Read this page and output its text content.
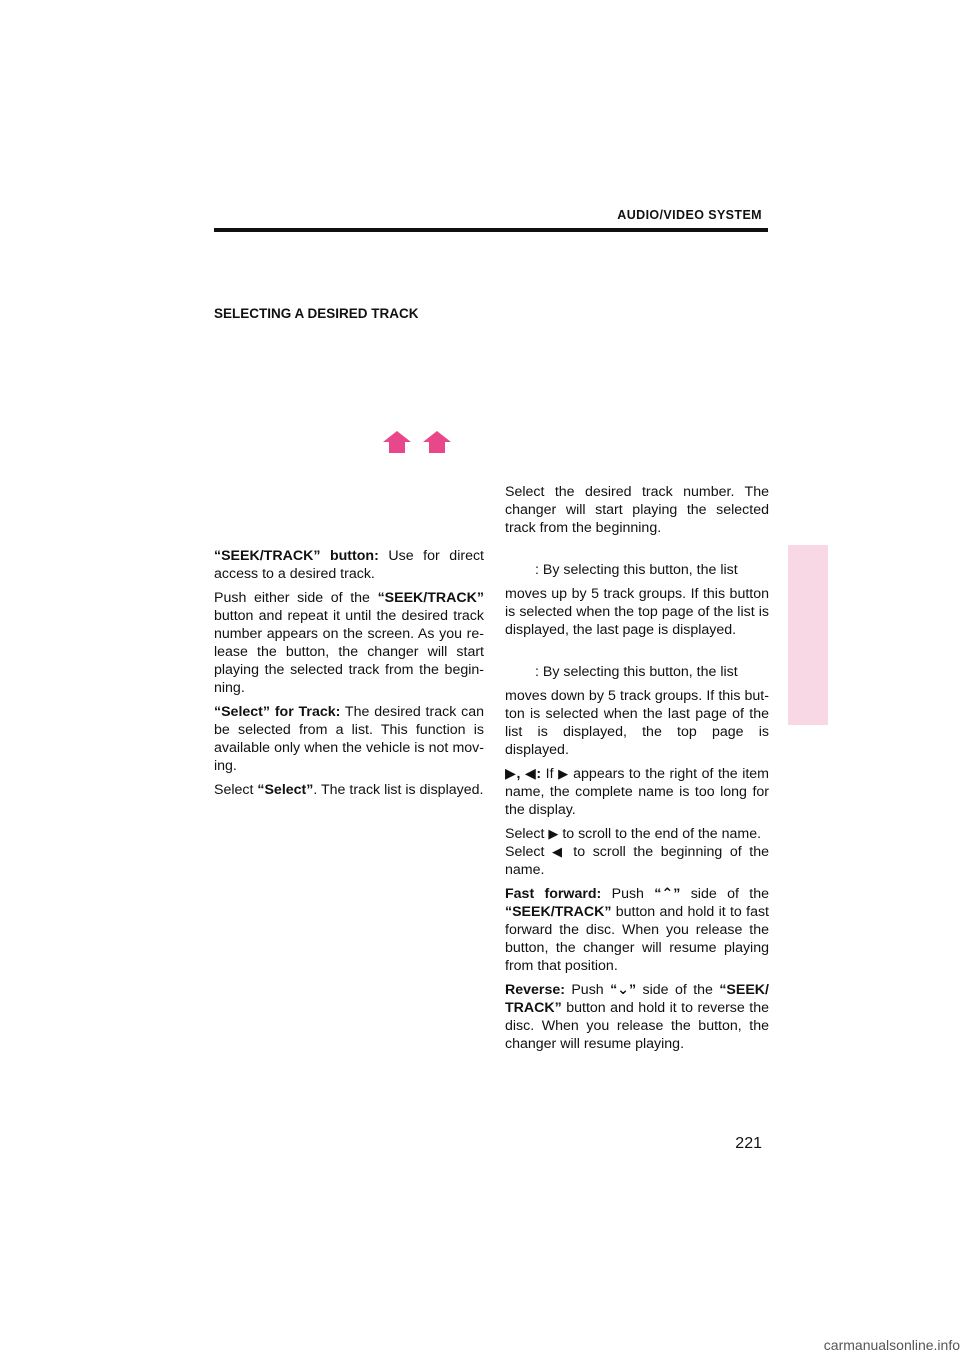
AUDIO/VIDEO SYSTEM
SELECTING A DESIRED TRACK

“SEEK/TRACK” button: Use for direct access to a desired track.

Push either side of the “SEEK/TRACK” button and repeat it until the desired track number appears on the screen. As you release the button, the changer will start playing the selected track from the beginning.

“Select” for Track: The desired track can be selected from a list. This function is available only when the vehicle is not moving.

Select “Select”. The track list is displayed.

Select the desired track number. The changer will start playing the selected track from the beginning.

: By selecting this button, the list
moves up by 5 track groups. If this button is selected when the top page of the list is displayed, the last page is displayed.

: By selecting this button, the list
moves down by 5 track groups. If this button is selected when the last page of the list is displayed, the top page is displayed.

▶, ◀: If ▶ appears to the right of the item name, the complete name is too long for the display.

Select ▶ to scroll to the end of the name.
Select ◀ to scroll the beginning of the name.

Fast forward: Push “⌃” side of the “SEEK/TRACK” button and hold it to fast forward the disc. When you release the button, the changer will resume playing from that position.

Reverse: Push “⌄” side of the “SEEK/ TRACK” button and hold it to reverse the disc. When you release the button, the changer will resume playing.

221
carmanualsonline.info
